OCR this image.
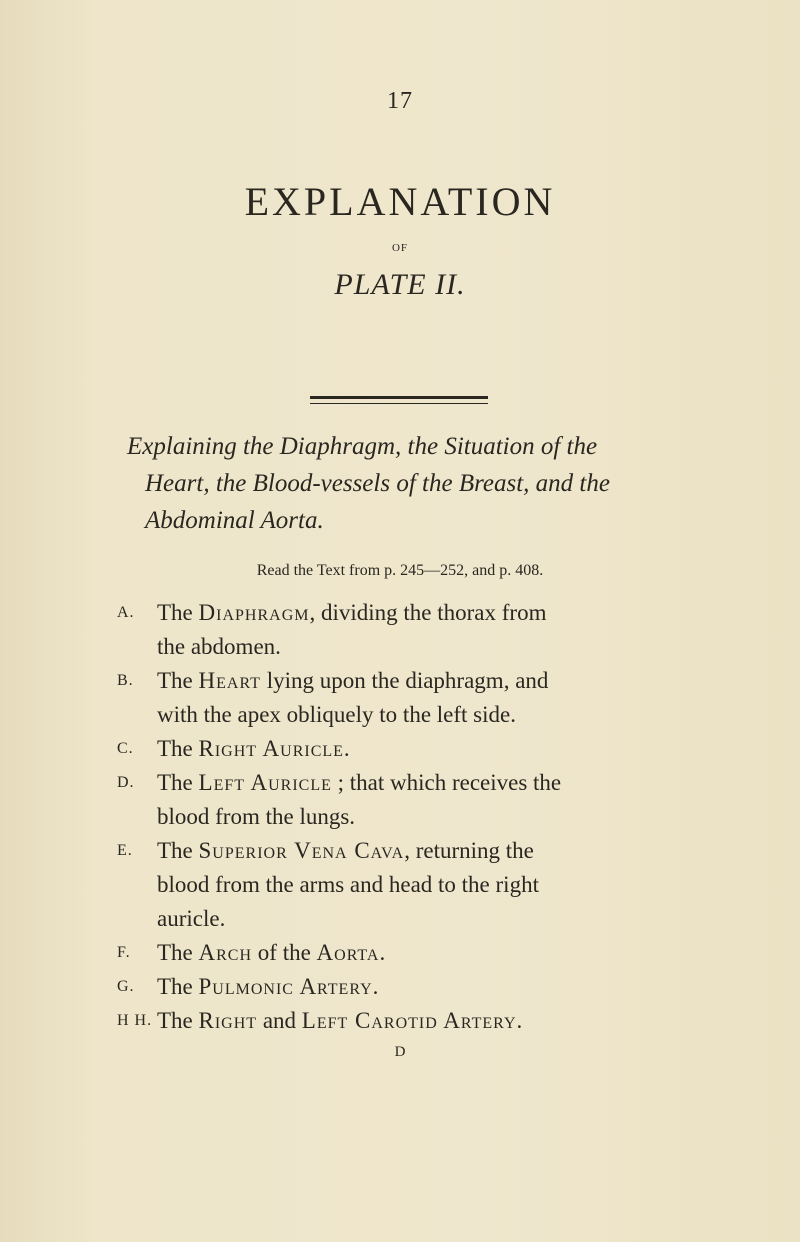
17
EXPLANATION
OF
PLATE II.
Explaining the Diaphragm, the Situation of the
Heart, the Blood-vessels of the Breast, and the
Abdominal Aorta.
Read the Text from p. 245—252, and p. 408.
A. The Diaphragm, dividing the thorax from
the abdomen.
B. The Heart lying upon the diaphragm, and
with the apex obliquely to the left side.
C. The Right Auricle.
D. The Left Auricle ; that which receives the
blood from the lungs.
E. The Superior Vena Cava, returning the
blood from the arms and head to the right
auricle.
F. The Arch of the Aorta.
G. The Pulmonic Artery.
H H. The Right and Left Carotid Artery.
D
